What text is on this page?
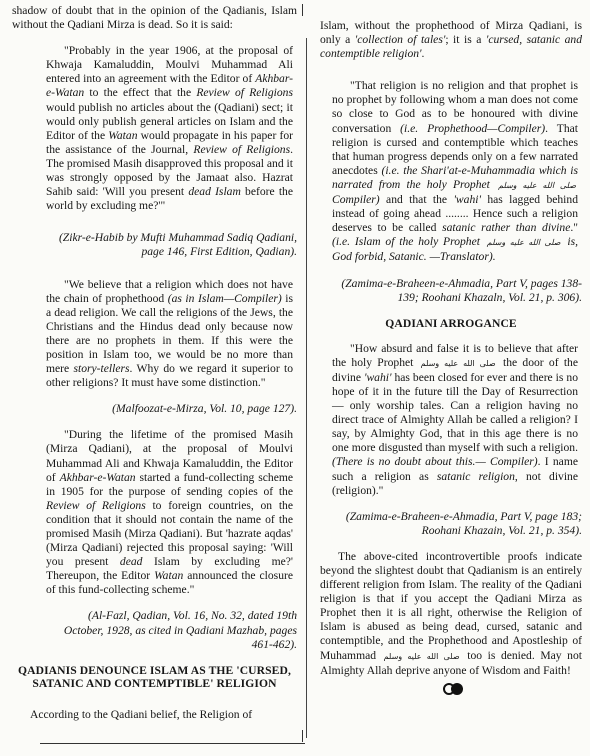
shadow of doubt that in the opinion of the Qadianis, Islam without the Qadiani Mirza is dead. So it is said:

"Probably in the year 1906, at the proposal of Khwaja Kamaluddin, Moulvi Muhammad Ali entered into an agreement with the Editor of Akhbar-e-Watan to the effect that the Review of Religions would publish no articles about the (Qadiani) sect; it would only publish general articles on Islam and the Editor of the Watan would propagate in his paper for the assistance of the Journal, Review of Religions. The promised Masih disapproved this proposal and it was strongly opposed by the Jamaat also. Hazrat Sahib said: 'Will you present dead Islam before the world by excluding me?'"

(Zikr-e-Habib by Mufti Muhammad Sadiq Qadiani, page 146, First Edition, Qadian).

"We believe that a religion which does not have the chain of prophethood (as in Islam—Compiler) is a dead religion. We call the religions of the Jews, the Christians and the Hindus dead only because now there are no prophets in them. If this were the position in Islam too, we would be no more than mere story-tellers. Why do we regard it superior to other religions? It must have some distinction."

(Malfoozat-e-Mirza, Vol. 10, page 127).

"During the lifetime of the promised Masih (Mirza Qadiani), at the proposal of Moulvi Muhammad Ali and Khwaja Kamaluddin, the Editor of Akhbar-e-Watan started a fund-collecting scheme in 1905 for the purpose of sending copies of the Review of Religions to foreign countries, on the condition that it should not contain the name of the promised Masih (Mirza Qadiani). But 'hazrate aqdas' (Mirza Qadiani) rejected this proposal saying: 'Will you present dead Islam by excluding me?' Thereupon, the Editor Watan announced the closure of this fund-collecting scheme."

(Al-Fazl, Qadian, Vol. 16, No. 32, dated 19th October, 1928, as cited in Qadiani Mazhab, pages 461-462).

QADIANIS DENOUNCE ISLAM AS THE 'CURSED, SATANIC AND CONTEMPTIBLE' RELIGION

According to the Qadiani belief, the Religion of

Islam, without the prophethood of Mirza Qadiani, is only a 'collection of tales'; it is a 'cursed, satanic and contemptible religion'.

"That religion is no religion and that prophet is no prophet by following whom a man does not come so close to God as to be honoured with divine conversation (i.e. Prophethood—Compiler). That religion is cursed and contemptible which teaches that human progress depends only on a few narrated anecdotes (i.e. the Shari'at-e-Muhammadia which is narrated from the holy Prophet صلى الله عليه وسلم Compiler) and that the 'wahi' has lagged behind instead of going ahead ........ Hence such a religion deserves to be called satanic rather than divine." (i.e. Islam of the holy Prophet صلى الله عليه وسلم is, God forbid, Satanic. —Translator).

(Zamima-e-Braheen-e-Ahmadia, Part V, pages 138-139; Roohani Khazaln, Vol. 21, p. 306).

QADIANI ARROGANCE

"How absurd and false it is to believe that after the holy Prophet صلى الله عليه وسلم the door of the divine 'wahi' has been closed for ever and there is no hope of it in the future till the Day of Resurrection — only worship tales. Can a religion having no direct trace of Almighty Allah be called a religion? I say, by Almighty God, that in this age there is no one more disgusted than myself with such a religion. (There is no doubt about this.— Compiler). I name such a religion as satanic religion, not divine (religion)."

(Zamima-e-Braheen-e-Ahmadia, Part V, page 183; Roohani Khazain, Vol. 21, p. 354).

The above-cited incontrovertible proofs indicate beyond the slightest doubt that Qadianism is an entirely different religion from Islam. The reality of the Qadiani religion is that if you accept the Qadiani Mirza as Prophet then it is all right, otherwise the Religion of Islam is abused as being dead, cursed, satanic and contemptible, and the Prophethood and Apostleship of Muhammad صلى الله عليه وسلم too is denied. May not Almighty Allah deprive anyone of Wisdom and Faith!
